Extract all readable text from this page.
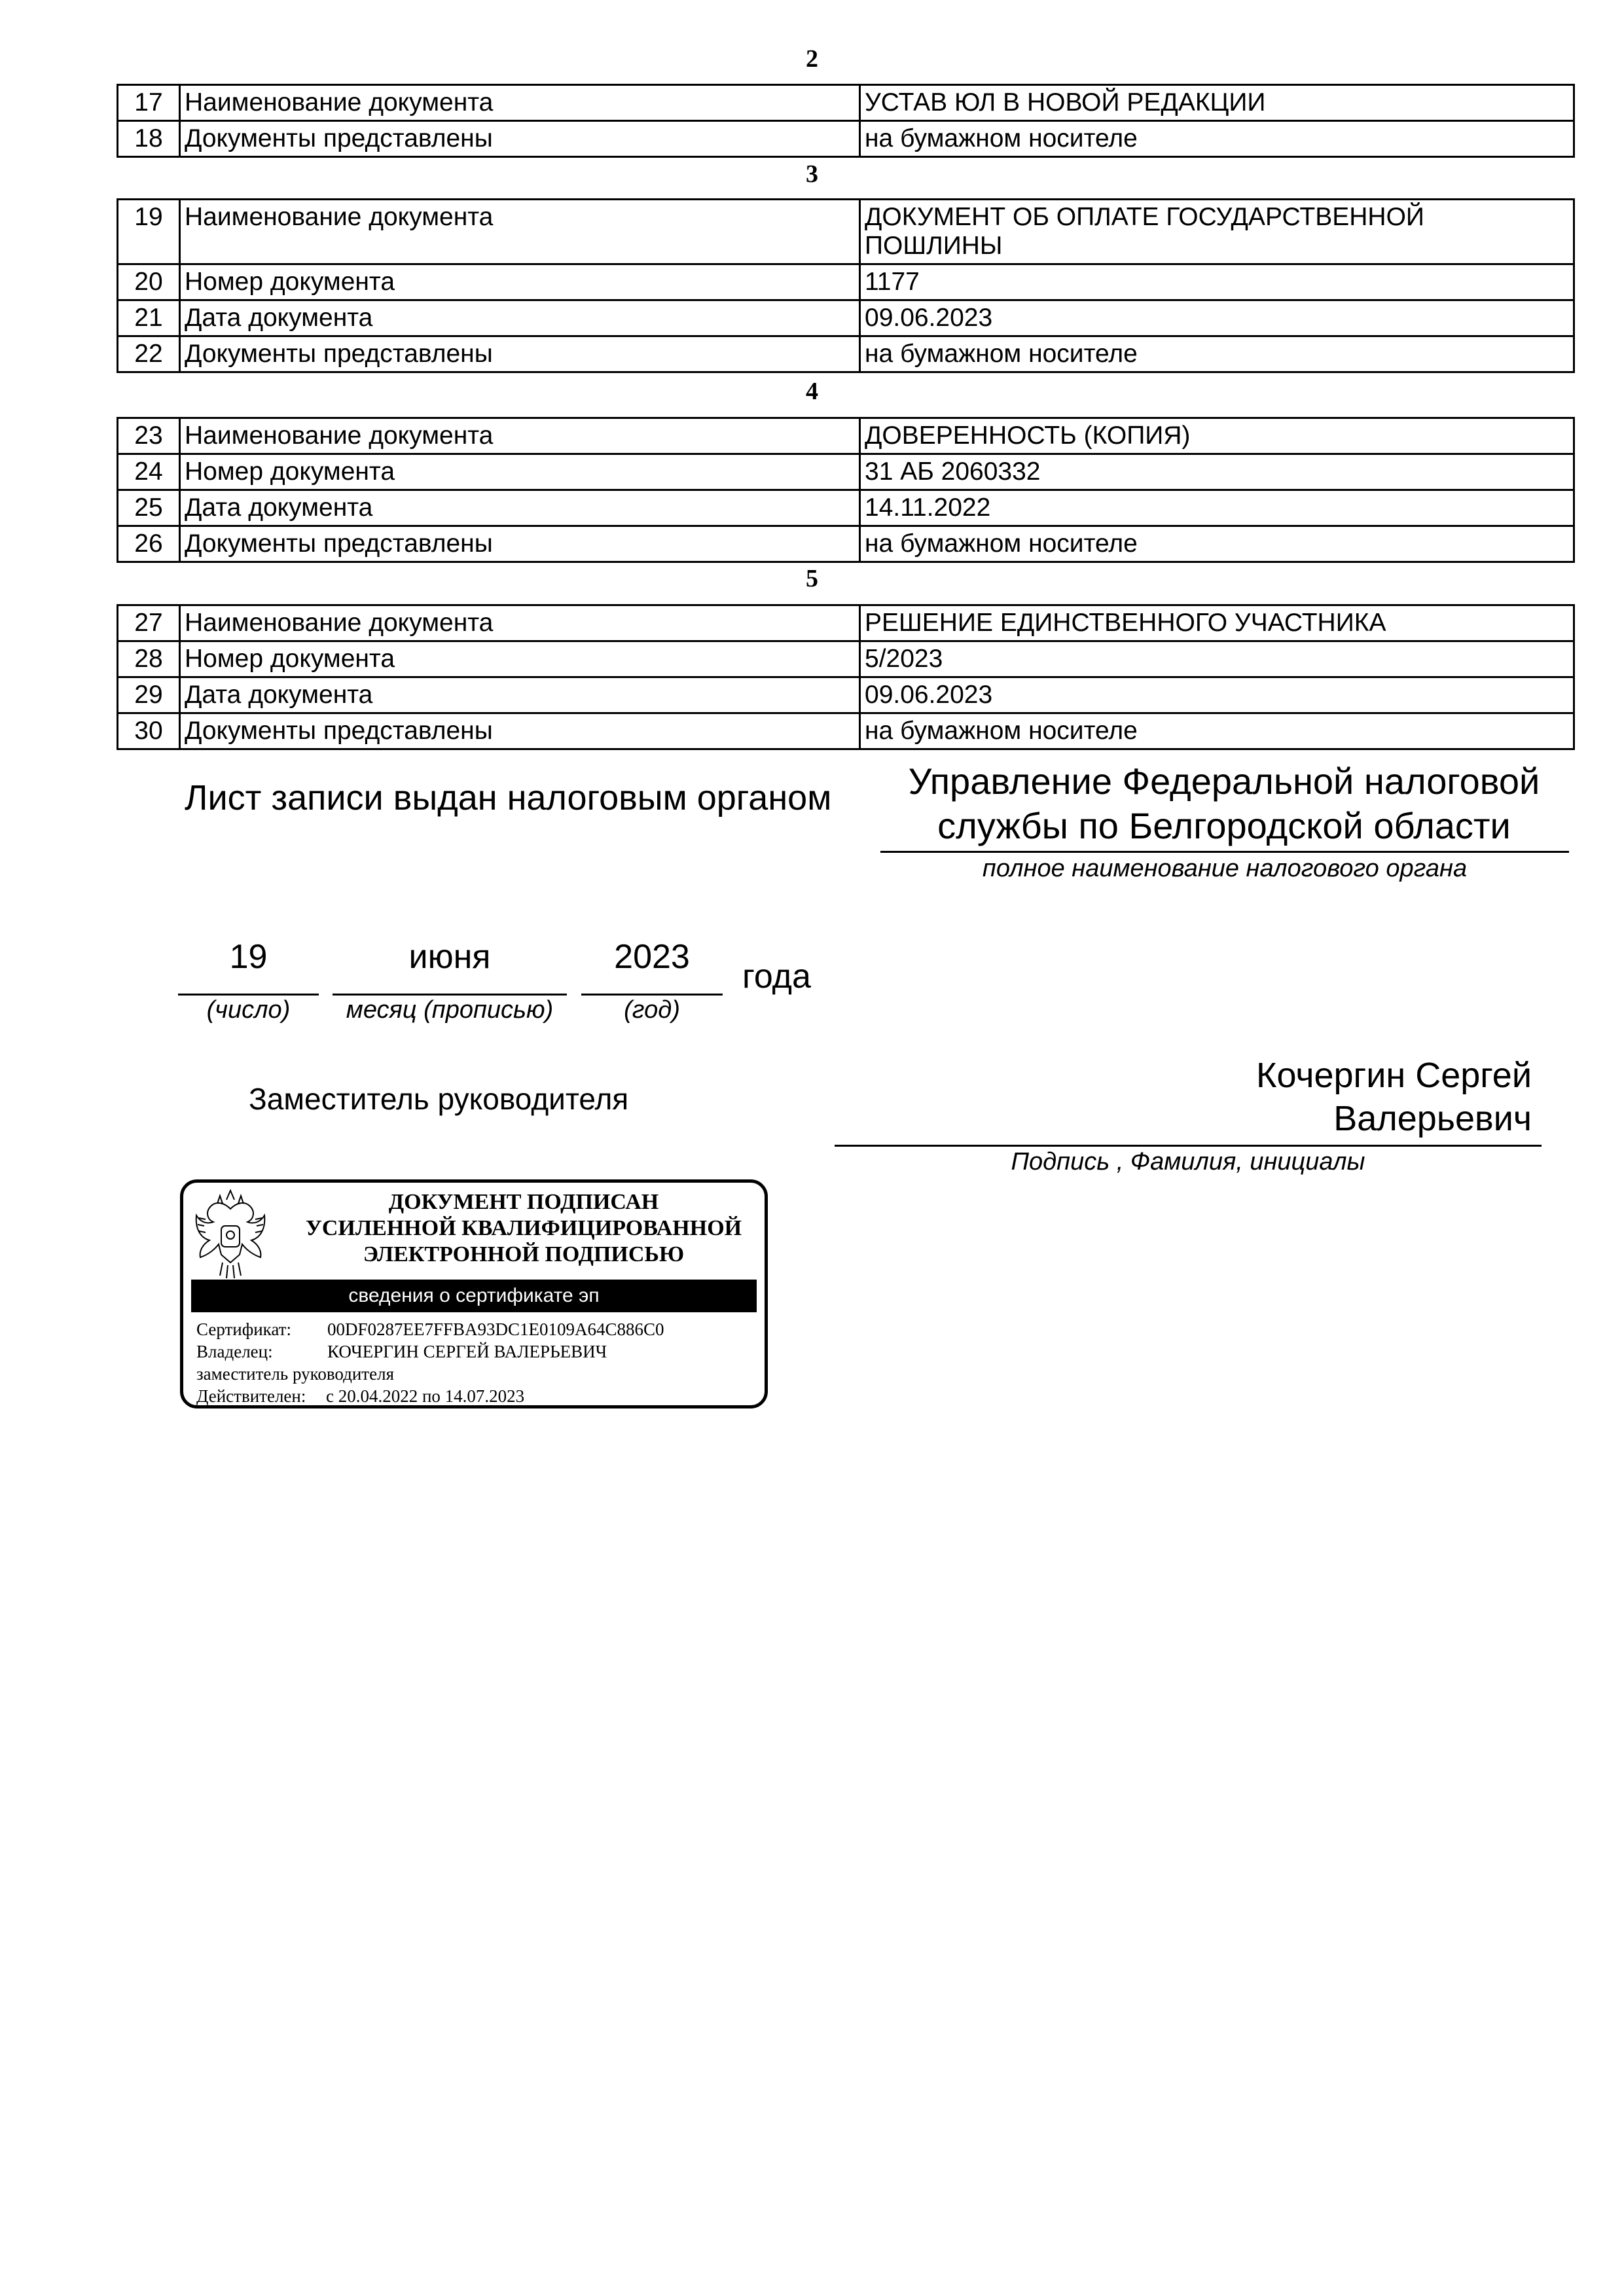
2
17	Наименование документа	УСТАВ ЮЛ В НОВОЙ РЕДАКЦИИ
18	Документы представлены	на бумажном носителе
3
19	Наименование документа	ДОКУМЕНТ ОБ ОПЛАТЕ ГОСУДАРСТВЕННОЙ ПОШЛИНЫ
20	Номер документа	1177
21	Дата документа	09.06.2023
22	Документы представлены	на бумажном носителе
4
23	Наименование документа	ДОВЕРЕННОСТЬ (КОПИЯ)
24	Номер документа	31 АБ 2060332
25	Дата документа	14.11.2022
26	Документы представлены	на бумажном носителе
5
27	Наименование документа	РЕШЕНИЕ ЕДИНСТВЕННОГО УЧАСТНИКА
28	Номер документа	5/2023
29	Дата документа	09.06.2023
30	Документы представлены	на бумажном носителе
Лист записи выдан налоговым органом	Управление Федеральной налоговой
службы по Белгородской области
полное наименование налогового органа
19
(число)
июня
месяц (прописью)
2023
(год)
года
Заместитель руководителя
Кочергин Сергей
Валерьевич
Подпись , Фамилия, инициалы
ДОКУМЕНТ ПОДПИСАН
УСИЛЕННОЙ КВАЛИФИЦИРОВАННОЙ
ЭЛЕКТРОННОЙ ПОДПИСЬЮ
сведения о сертификате эп
Сертификат: 00DF0287EE7FFBA93DC1E0109A64C886C0
Владелец:	КОЧЕРГИН СЕРГЕЙ ВАЛЕРЬЕВИЧ
заместитель руководителя
Действителен: с 20.04.2022 по 14.07.2023
